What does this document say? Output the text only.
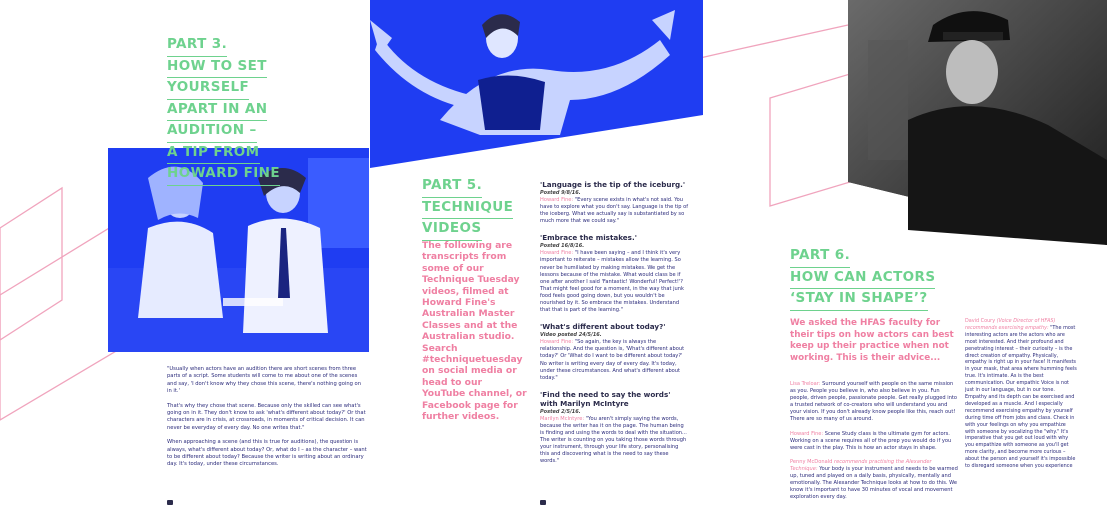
PART 3.
HOW TO SET
YOURSELF
APART IN AN
AUDITION –
A TIP FROM
HOWARD FINE

"Usually when actors have an audition there are short scenes from three parts of a script. Some students will come to me about one of the scenes and say, 'I don't know why they chose this scene, there's nothing going on in it.'

That's why they chose that scene. Because only the skilled can see what's going on in it. They don't know to ask 'what's different about today?' Or that characters are in crisis, at crossroads, in moments of critical decision. It can never be everyday of every day. No one writes that."

When approaching a scene (and this is true for auditions), the question is always, what's different about today? Or, what do I – as the character – want to be different about today? Because the writer is writing about an ordinary day. It's today, under these circumstances.

PART 5.
TECHNIQUE
VIDEOS
The following are transcripts from some of our Technique Tuesday videos, filmed at Howard Fine's Australian Master Classes and at the Australian studio. Search #techniquetuesday on social media or head to our YouTube channel, or Facebook page for further videos.
'Language is the tip of the iceburg.'
Posted 9/8/16.
Howard Fine: "Every scene exists in what's not said. You have to explore what you don't say. Language is the tip of the iceberg. What we actually say is substantiated by so much more that we could say."
'Embrace the mistakes.'
Posted 16/8/16.
Howard Fine: "I have been saying – and I think it's very important to reiterate – mistakes allow the learning. So never be humiliated by making mistakes. We get the lessons because of the mistake. What would class be if one after another I said 'Fantastic! Wonderful! Perfect!'? That might feel good for a moment, in the way that junk food feels good going down, but you wouldn't be nourished by it. So embrace the mistakes. Understand that that is part of the learning."
'What's different about today?'
Video posted 24/5/16.
Howard Fine: "So again, the key is always the relationship. And the question is, 'What's different about today?' Or 'What do I want to be different about today?' No writer is writing every day of every day. It's today, under these circumstances. And what's different about today."
'Find the need to say the words' with Marilyn McIntyre
Posted 2/5/16.
Marilyn McIntyre: "You aren't simply saying the words, because the writer has it on the page. The human being is finding and using the words to deal with the situation... The writer is counting on you taking those words through your instrument, through your life story, personalising this and discovering what is the need to say these words."
PART 6.
HOW CAN ACTORS
‘STAY IN SHAPE’?
We asked the HFAS faculty for their tips on how actors can best keep up their practice when not working. This is their advice...

Lisa Treloar: Surround yourself with people on the same mission as you. People you believe in, who also believe in you. Fun people, driven people, passionate people. Get really plugged into a trusted network of co-creators who will understand you and your vision. If you don't already know people like this, reach out! There are so many of us around.

Howard Fine: Scene Study class is the ultimate gym for actors. Working on a scene requires all of the prep you would do if you were cast in the play. This is how an actor stays in shape.

Penny McDonald recommends practising the Alexander Technique: Your body is your instrument and needs to be warmed up, tuned and played on a daily basis, physically, mentally and emotionally. The Alexander Technique looks at how to do this. We know it's important to have 30 minutes of vocal and movement exploration every day.

David Coury (Voice Director of HFAS) recommends exercising empathy: "The most interesting actors are the actors who are most interested. And their profound and penetrating interest – their curiosity – is the direct creation of empathy. Physically, empathy is right up in your face! It manifests in your mask, that area where humming feels true. It's intimate. As is the best communication. Our empathic Voice is not just in our language, but in our tone. Empathy and its depth can be exercised and developed as a muscle. And I especially recommend exercising empathy by yourself during time off from jobs and class. Check in with your feelings on why you empathize with someone by vocalizing the "why." It's imperative that you get out loud with why you empathize with someone as you'll get more clarity, and become more curious – about the person and yourself it's impossible to disregard someone when you experience
